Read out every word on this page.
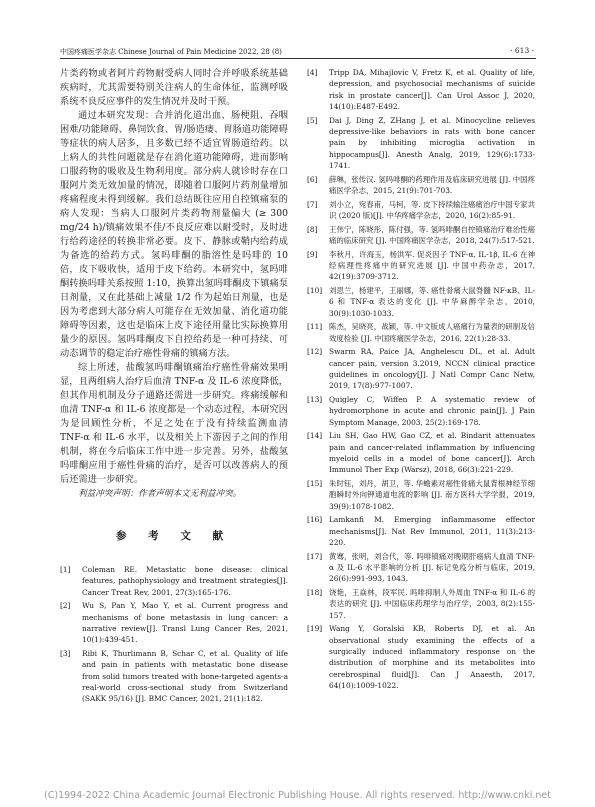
中国疼痛医学杂志 Chinese Journal of Pain Medicine 2022, 28 (8)	· 613 ·

片类药物或者阿片药物耐受病人同时合并呼吸系统基础疾病时，尤其需要特别关注病人的生命体征，监测呼吸系统不良反应事件的发生情况并及时干预。

通过本研究发现：合并消化道出血、肠梗阻、吞咽困难/功能障碍、鼻饲饮食、胃/肠造瘘、胃肠道功能障碍等症状的病人居多，且多数已经不适宜胃肠道给药。以上病人的共性问题就是存在消化道功能障碍，进而影响口服药物的吸收及生物利用度。部分病人就诊时存在口服阿片类无效加量的情况，即随着口服阿片药剂量增加疼痛程度未得到缓解。我们总结既往应用自控镇痛泵的病人发现：当病人口服阿片类药物剂量偏大 (≥ 300 mg/24 h)/镇痛效果不佳/不良反应难以耐受时，及时进行给药途径的转换非常必要。皮下、静脉或鞘内给药成为备选的给药方式。氢吗啡酮的脂溶性是吗啡的 10 倍，皮下吸收快，适用于皮下给药。本研究中，氢吗啡酮转换吗啡关系按照 1:10，换算出氢吗啡酮皮下镇痛泵日剂量，又在此基础上减量 1/2 作为起始日剂量，也是因为考虑到大部分病人可能存在无效加量、消化道功能障碍等因素，这也是临床上皮下途径用量比实际换算用量少的原因。氢吗啡酮皮下自控给药是一种可持续、可动态调节的稳定治疗癌性骨痛的镇痛方法。

综上所述，盐酸氢吗啡酮镇痛治疗癌性骨痛效果明显，且两组病人治疗后血清 TNF-α 及 IL-6 浓度降低，但其作用机制及分子通路还需进一步研究。疼痛缓解和血清 TNF-α 和 IL-6 浓度都是一个动态过程，本研究因为是回顾性分析，不足之处在于没有持续监测血清 TNF-α 和 IL-6 水平，以及相关上下游因子之间的作用机制，将在今后临床工作中进一步完善。另外，盐酸氢吗啡酮应用于癌性骨痛的治疗，是否可以改善病人的预后还需进一步研究。

利益冲突声明：作者声明本文无利益冲突。

参 考 文 献
[1]	Coleman RE. Metastatic bone disease: clinical features, pathophysiology and treatment strategies[J]. Cancer Treat Rev, 2001, 27(3):165-176.
[2]	Wu S, Pan Y, Mao Y, et al. Current progress and mechanisms of bone metastasis in lung cancer: a narrative review[J]. Transl Lung Cancer Res, 2021, 10(1):439-451.
[3]	Ribi K, Thurlimann B, Schar C, et al. Quality of life and pain in patients with metastatic bone disease from solid tumors treated with bone-targeted agents-a real-world cross-sectional study from Switzerland (SAKK 95/16) [J]. BMC Cancer, 2021, 21(1):182.
[4]	Tripp DA, Mihajlovic V, Fretz K, et al. Quality of life, depression, and psychosocial mechanisms of suicide risk in prostate cancer[J]. Can Urol Assoc J, 2020, 14(10):E487-E492.
[5]	Dai J, Ding Z, ZHang J, et al. Minocycline relieves depressive-like behaviors in rats with bone cancer pain by inhibiting microglia activation in hippocampus[J]. Anesth Analg, 2019, 129(6):1733-1741.
[6]	薛琳，张传汉. 氢吗啡酮的药理作用及临床研究进展 [J]. 中国疼痛医学杂志，2015, 21(9):701-703.
[7]	刘小立，宛春甫，马柯，等. 皮下持续输注癌痛治疗中国专家共识 (2020 版)[J]. 中华疼痛学杂志，2020, 16(2):85-91.
[8]	王伟宁，陈晓彤，陈付强，等. 氢吗啡酮自控镇痛治疗难治性癌痛的临床研究 [J]. 中国疼痛医学杂志，2018, 24(7):517-521.
[9]	李秋月，许海玉，杨洪军. 促炎因子 TNF-α, IL-1β, IL-6 在神经病理性疼痛中的研究进展 [J]. 中国中药杂志，2017, 42(19):3709-3712.
[10] 刘思兰，杨建平，王丽娜，等. 癌性骨痛大鼠脊髓 NF-κB、IL-6 和 TNF-α 表达的变化 [J]. 中华麻醉学杂志，2010, 30(9):1030-1033.
[11] 陈杰，吴晓亮，战颖，等. 中文版成人癌痛行为量表的研制及信效度检验 [J]. 中国疼痛医学杂志，2016, 22(1):28-33.
[12] Swarm RA, Paice JA, Anghelescu DL, et al. Adult cancer pain, version 3.2019, NCCN clinical practice guidelines in oncology[J]. J Natl Compr Canc Netw, 2019, 17(8):977-1007.
[13] Quigley C, Wiffen P. A systematic review of hydromorphone in acute and chronic pain[J]. J Pain Symptom Manage, 2003, 25(2):169-178.
[14] Liu SH, Gao HW, Gao CZ, et al. Bindarit attenuates pain and cancer-related inflammation by influencing myeloid cells in a model of bone cancer[J]. Arch Immunol Ther Exp (Warsz), 2018, 66(3):221-229.
[15] 朱时钰，刘丹，胡卫，等. 华蟾素对癌性骨痛大鼠背根神经节细胞瞬时外向钾通道电流的影响 [J]. 南方医科大学学报，2019, 39(9):1078-1082.
[16] Lamkanfi M. Emerging inflammasome effector mechanisms[J]. Nat Rev Immunol, 2011, 11(3):213-220.
[17] 黄骞，张明，刘合代，等. 吗啡镇痛对晚期肝癌病人血清 TNF-α 及 IL-6 水平影响的分析 [J]. 标记免疫分析与临床，2019, 26(6):991-993, 1043.
[18] 饶艳，王焱林，段军民. 吗啡抑制人外周血 TNF-α 和 IL-6 的表达的研究 [J]. 中国临床药理学与治疗学，2003, 8(2):155-157.
[19] Wang Y, Goralski KB, Roberts DJ, et al. An observational study examining the effects of a surgically induced inflammatory response on the distribution of morphine and its metabolites into cerebrospinal fluid[J]. Can J Anaesth, 2017, 64(10):1009-1022.
(C)1994-2022 China Academic Journal Electronic Publishing House. All rights reserved. http://www.cnki.net
